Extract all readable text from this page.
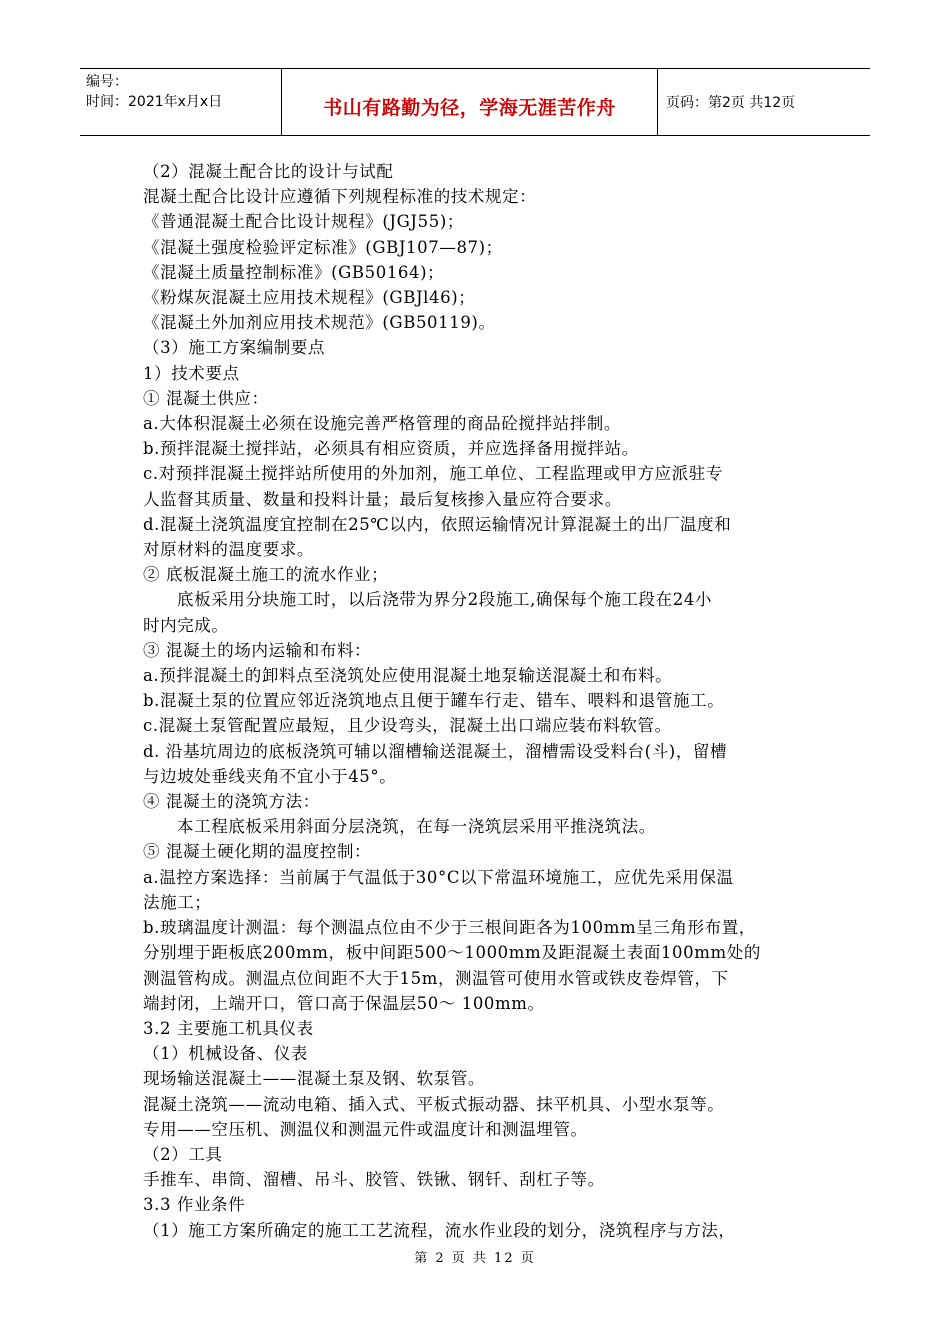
编号：
时间：2021年x月x日	书山有路勤为径，学海无涯苦作舟	页码：第2页 共12页
（2）混凝土配合比的设计与试配
混凝土配合比设计应遵循下列规程标准的技术规定：
《普通混凝土配合比设计规程》(JGJ55)；
《混凝土强度检验评定标准》(GBJ107—87)；
《混凝土质量控制标准》(GB50164)；
《粉煤灰混凝土应用技术规程》(GBJl46)；
《混凝土外加剂应用技术规范》(GB50119)。
（3）施工方案编制要点
1）技术要点
① 混凝土供应：
a.大体积混凝土必须在设施完善严格管理的商品砼搅拌站拌制。
b.预拌混凝土搅拌站，必须具有相应资质，并应选择备用搅拌站。
c.对预拌混凝土搅拌站所使用的外加剂，施工单位、工程监理或甲方应派驻专
人监督其质量、数量和投料计量；最后复核掺入量应符合要求。
d.混凝土浇筑温度宜控制在25℃以内，依照运输情况计算混凝土的出厂温度和
对原材料的温度要求。
② 底板混凝土施工的流水作业；
底板采用分块施工时，以后浇带为界分2段施工,确保每个施工段在24小
时内完成。
③ 混凝土的场内运输和布料：
a.预拌混凝土的卸料点至浇筑处应使用混凝土地泵输送混凝土和布料。
b.混凝土泵的位置应邻近浇筑地点且便于罐车行走、错车、喂料和退管施工。
c.混凝土泵管配置应最短，且少设弯头，混凝土出口端应装布料软管。
d. 沿基坑周边的底板浇筑可辅以溜槽输送混凝土，溜槽需设受料台(斗)，留槽
与边坡处垂线夹角不宜小于45°。
④ 混凝土的浇筑方法：
本工程底板采用斜面分层浇筑，在每一浇筑层采用平推浇筑法。
⑤ 混凝土硬化期的温度控制：
a.温控方案选择：当前属于气温低于30°C以下常温环境施工，应优先采用保温
法施工；
b.玻璃温度计测温：每个测温点位由不少于三根间距各为100mm呈三角形布置，
分别埋于距板底200mm，板中间距500～1000mm及距混凝土表面100mm处的
测温管构成。测温点位间距不大于15m，测温管可使用水管或铁皮卷焊管，下
端封闭，上端开口，管口高于保温层50～ 100mm。
3.2 主要施工机具仪表
（1）机械设备、仪表
现场输送混凝土——混凝土泵及钢、软泵管。
混凝土浇筑——流动电箱、插入式、平板式振动器、抹平机具、小型水泵等。
专用——空压机、测温仪和测温元件或温度计和测温埋管。
（2）工具
手推车、串筒、溜槽、吊斗、胶管、铁锹、钢钎、刮杠子等。
3.3 作业条件
（1）施工方案所确定的施工工艺流程，流水作业段的划分，浇筑程序与方法，
第 2 页 共 12 页
